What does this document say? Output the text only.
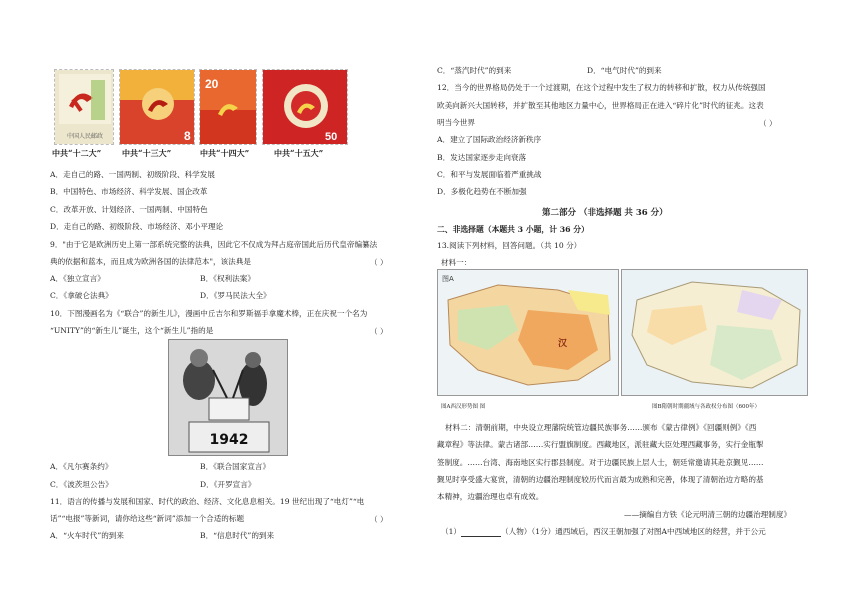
中国人民邮政	8
20
50
中共“十二大”	中共“十三大”	中共“十四大”	中共“十五大”
A．走自己的路、一国两制、初级阶段、科学发展
B．中国特色、市场经济、科学发展、国企改革
C．改革开放、计划经济、一国两制、中国特色
D．走自己的路、初级阶段、市场经济、邓小平理论
9．"由于它是欧洲历史上第一部系统完整的法典，因此它不仅成为拜占庭帝国此后历代皇帝编纂法
典的依据和蓝本，而且成为欧洲各国的法律范本"，该法典是	（ ）
A．《独立宣言》	B．《权利法案》
C．《拿破仑法典》	D．《罗马民法大全》
10．下图漫画名为《“联合”的新生儿》，漫画中丘吉尔和罗斯福手拿魔术棒，正在庆祝一个名为
“UNITY”的“新生儿”诞生，这个“新生儿”指的是	（ ）
1942
A．《凡尔赛条约》	B．《联合国家宣言》
C．《波茨坦公告》	D．《开罗宣言》
11．语言的传播与发展和国家、时代的政治、经济、文化息息相关。19 世纪出现了“电灯”“电
话”“电报”等新词，请你给这些“新词”添加一个合适的标题	（ ）
A．“火车时代”的到来	B．“信息时代”的到来
C．“蒸汽时代”的到来	D．“电气时代”的到来
12．当今的世界格局仍处于一个过渡期，在这个过程中发生了权力的转移和扩散，权力从传统强国
欧美向新兴大国转移，并扩散至其他地区力量中心，世界格局正在进入“碎片化”时代的征兆。这表
明当今世界	（ ）
A．建立了国际政治经济新秩序
B．发达国家逐步走向衰落
C．和平与发展面临着严重挑战
D．多极化趋势在不断加强
第二部分 （非选择题 共 36 分）
二、非选择题（本题共 3 小题，计 36 分）
13.阅读下列材料，回答问题。（共 10 分）
材料一：
汉
图A
图A西汉形势图 图	图B隋朝时期疆域与各政权分布图（600年）
材料二：清朝前期，中央设立理藩院统管边疆民族事务……颁布《蒙古律例》《回疆则例》《西
藏章程》等法律。蒙古诸部……实行盟旗制度。西藏地区，派驻藏大臣处理西藏事务，实行金瓶掣
签制度。……台湾、海南地区实行郡县制度。对于边疆民族上层人士，朝廷常邀请其赴京觐见……
觐见时享受盛大宴赏，清朝的边疆治理制度较历代而言最为成熟和完善，体现了清朝治边方略的基
本精神，边疆治理也卓有成效。
——摘编自方铁《论元明清三朝的边疆治理制度》
（1）	（人物）（1分）通西域后，西汉王朝加强了对图A中西域地区的经营，并于公元
